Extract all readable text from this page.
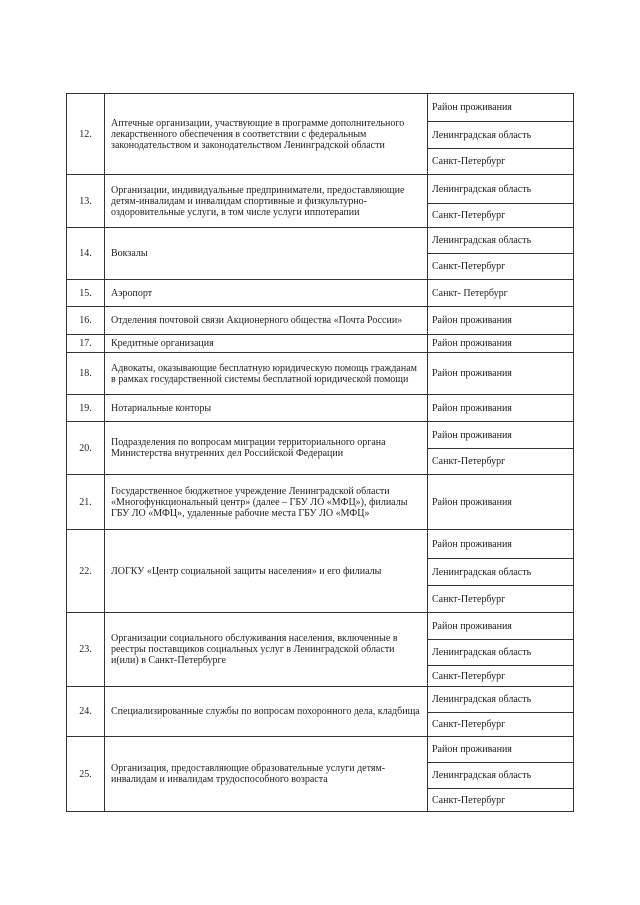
12.	Аптечные организации, участвующие в программе дополнительного лекарственного обеспечения в соответствии с федеральным законодательством и законодательством Ленинградской области	Район проживания
		Ленинградская область
		Санкт-Петербург
13.	Организации, индивидуальные предприниматели, предоставляющие детям-инвалидам и инвалидам спортивные и физкультурно-оздоровительные услуги, в том числе услуги иппотерапии	Ленинградская область
		Санкт-Петербург
14.	Вокзалы	Ленинградская область
		Санкт-Петербург
15.	Аэропорт	Санкт- Петербург
16.	Отделения почтовой связи Акционерного общества «Почта России»	Район проживания
17.	Кредитные организация	Район проживания
18.	Адвокаты, оказывающие бесплатную юридическую помощь гражданам в рамках государственной системы бесплатной юридической помощи	Район проживания
19.	Нотариальные конторы	Район проживания
20.	Подразделения по вопросам миграции территориального органа Министерства внутренних дел Российской Федерации	Район проживания
		Санкт-Петербург
21.	Государственное бюджетное учреждение Ленинградской области «Многофункциональный центр» (далее – ГБУ ЛО «МФЦ»), филиалы ГБУ ЛО «МФЦ», удаленные рабочие места ГБУ ЛО «МФЦ»	Район проживания
22.	ЛОГКУ «Центр социальной защиты населения» и его филиалы	Район проживания
		Ленинградская область
		Санкт-Петербург
23.	Организации социального обслуживания населения, включенные в реестры поставщиков социальных услуг в Ленинградской области и(или) в Санкт-Петербурге	Район проживания
		Ленинградская область
		Санкт-Петербург
24.	Специализированные службы по вопросам похоронного дела, кладбища	Ленинградская область
		Санкт-Петербург
25.	Организация, предоставляющие образовательные услуги детям-инвалидам и инвалидам трудоспособного возраста	Район проживания
		Ленинградская область
		Санкт-Петербург
